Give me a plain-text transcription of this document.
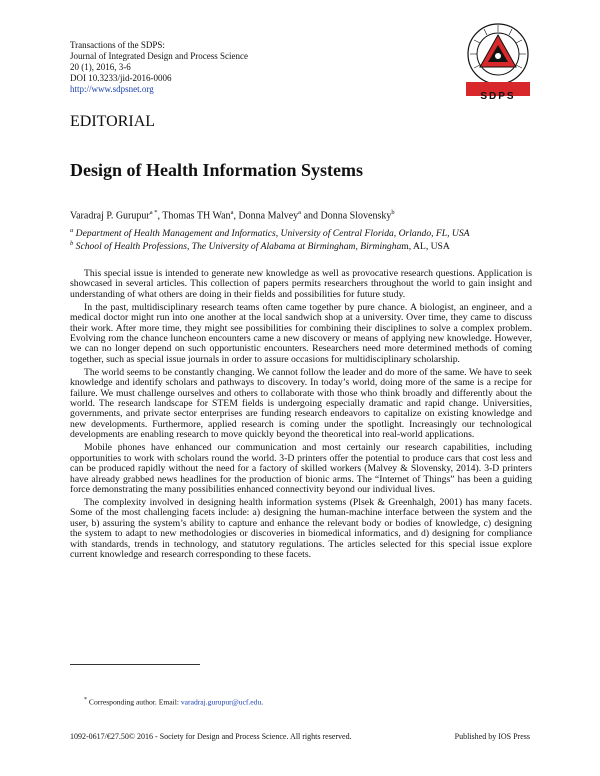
Transactions of the SDPS:
Journal of Integrated Design and Process Science
20 (1), 2016, 3-6
DOI 10.3233/jid-2016-0006
http://www.sdpsnet.org
SDPS
EDITORIAL
Design of Health Information Systems
Varadraj P. Gurupur$^{a *}$, Thomas TH Wan$^a$, Donna Malvey$^a$ and Donna Slovensky$^b$
$^a$ Department of Health Management and Informatics, University of Central Florida, Orlando, FL, USA
$^b$ School of Health Professions, The University of Alabama at Birmingham, Birmingham, AL, USA

This special issue is intended to generate new knowledge as well as provocative research questions. Application is showcased in several articles. This collection of papers permits researchers throughout the world to gain insight and understanding of what others are doing in their fields and possibilities for future study.

In the past, multidisciplinary research teams often came together by pure chance. A biologist, an engineer, and a medical doctor might run into one another at the local sandwich shop at a university. Over time, they came to discuss their work. After more time, they might see possibilities for combining their disciplines to solve a complex problem. Evolving rom the chance luncheon encounters came a new discovery or means of applying new knowledge. However, we can no longer depend on such opportunistic encounters. Researchers need more determined methods of coming together, such as special issue journals in order to assure occasions for multidisciplinary scholarship.

The world seems to be constantly changing. We cannot follow the leader and do more of the same. We have to seek knowledge and identify scholars and pathways to discovery. In today’s world, doing more of the same is a recipe for failure. We must challenge ourselves and others to collaborate with those who think broadly and differently about the world. The research landscape for STEM fields is undergoing especially dramatic and rapid change. Universities, governments, and private sector enterprises are funding research endeavors to capitalize on existing knowledge and new developments. Furthermore, applied research is coming under the spotlight. Increasingly our technological developments are enabling research to move quickly beyond the theoretical into real-world applications.

Mobile phones have enhanced our communication and most certainly our research capabilities, including opportunities to work with scholars round the world. 3-D printers offer the potential to produce cars that cost less and can be produced rapidly without the need for a factory of skilled workers (Malvey & Slovensky, 2014). 3-D printers have already grabbed news headlines for the production of bionic arms. The “Internet of Things” has been a guiding force demonstrating the many possibilities enhanced connectivity beyond our individual lives.

The complexity involved in designing health information systems (Plsek & Greenhalgh, 2001) has many facets. Some of the most challenging facets include: a) designing the human-machine interface between the system and the user, b) assuring the system’s ability to capture and enhance the relevant body or bodies of knowledge, c) designing the system to adapt to new methodologies or discoveries in biomedical informatics, and d) designing for compliance with standards, trends in technology, and statutory regulations. The articles selected for this special issue explore current knowledge and research corresponding to these facets.

* Corresponding author. Email: varadraj.gurupur@ucf.edu.
1092-0617/€27.50© 2016 - Society for Design and Process Science. All rights reserved.	Published by IOS Press
